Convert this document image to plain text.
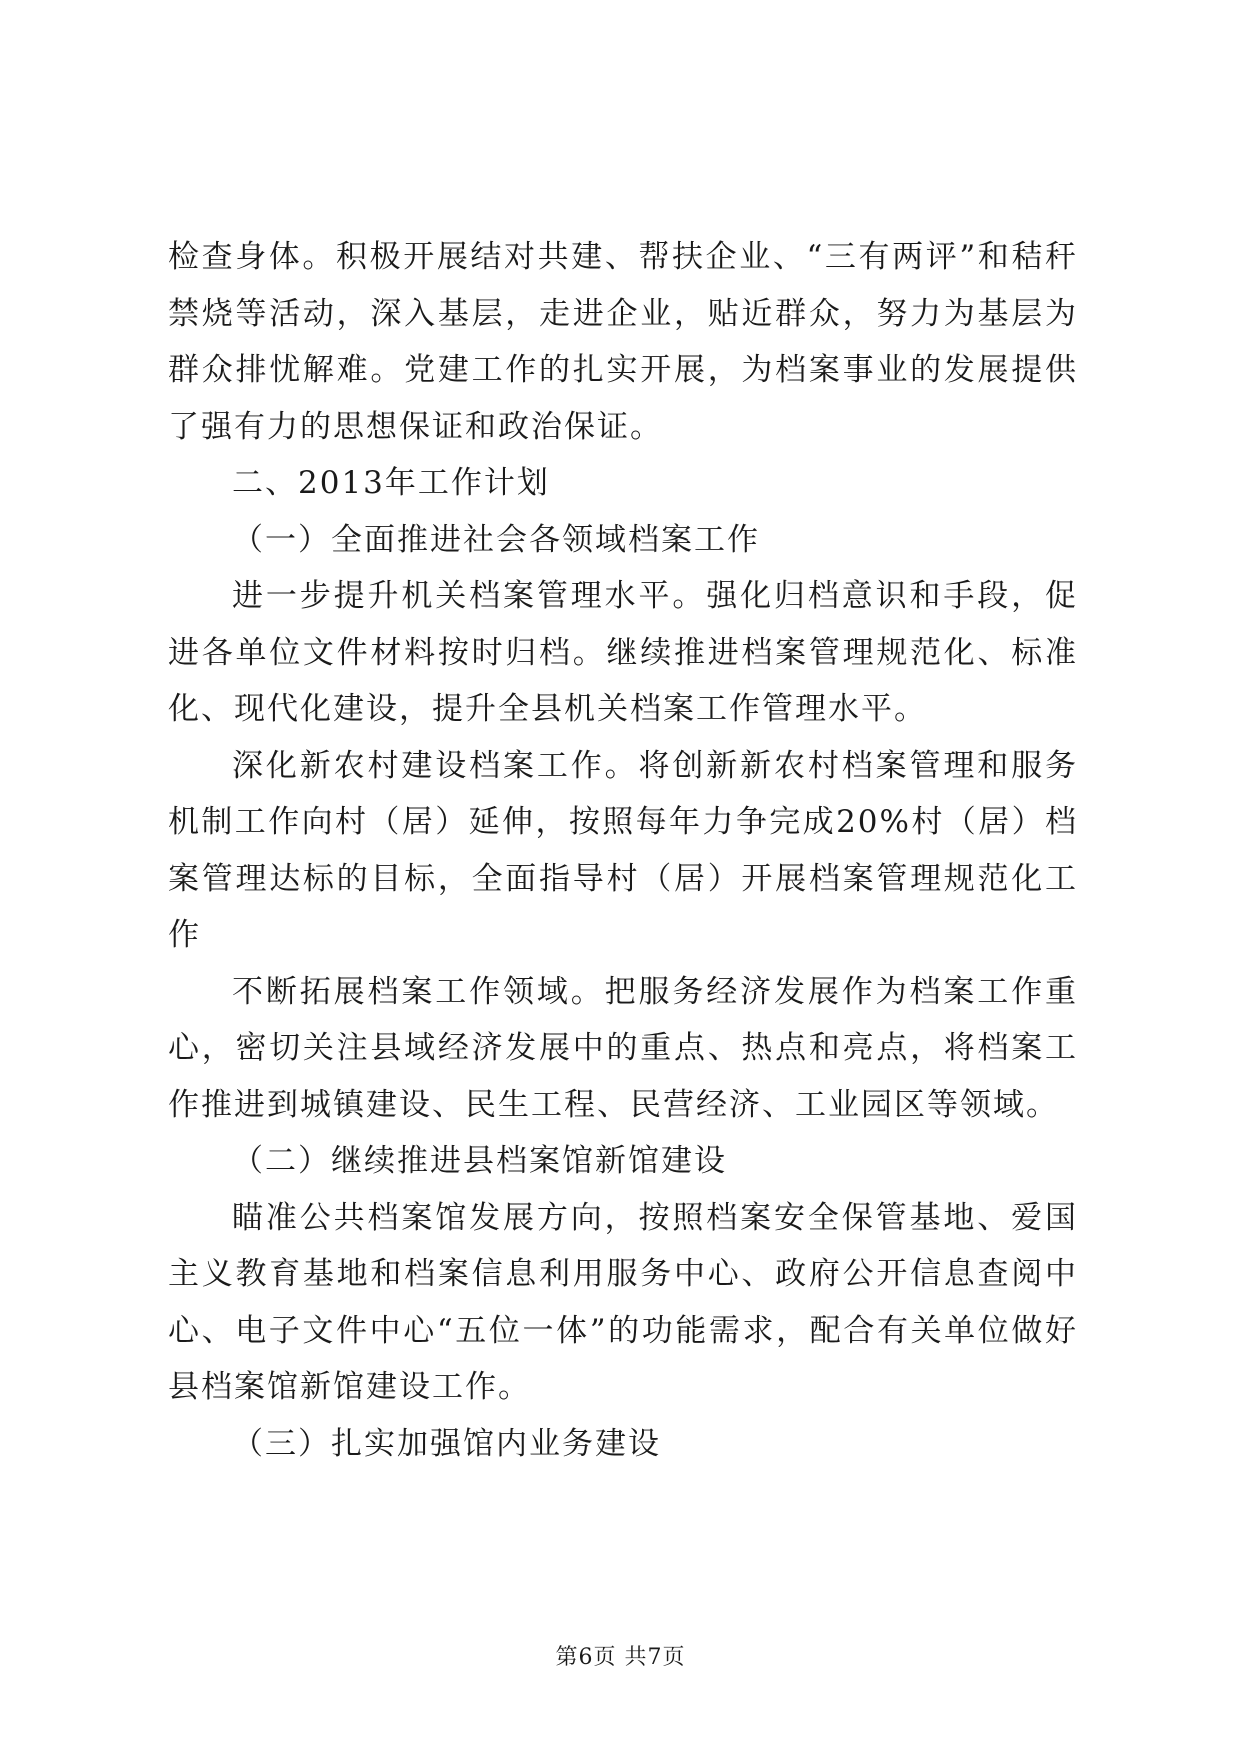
检查身体。积极开展结对共建、帮扶企业、“三有两评”和秸秆禁烧等活动，深入基层，走进企业，贴近群众，努力为基层为群众排忧解难。党建工作的扎实开展，为档案事业的发展提供了强有力的思想保证和政治保证。

二、2013年工作计划

（一）全面推进社会各领域档案工作

进一步提升机关档案管理水平。强化归档意识和手段，促进各单位文件材料按时归档。继续推进档案管理规范化、标准化、现代化建设，提升全县机关档案工作管理水平。

深化新农村建设档案工作。将创新新农村档案管理和服务机制工作向村（居）延伸，按照每年力争完成20%村（居）档案管理达标的目标，全面指导村（居）开展档案管理规范化工作

不断拓展档案工作领域。把服务经济发展作为档案工作重心，密切关注县域经济发展中的重点、热点和亮点，将档案工作推进到城镇建设、民生工程、民营经济、工业园区等领域。

（二）继续推进县档案馆新馆建设

瞄准公共档案馆发展方向，按照档案安全保管基地、爱国主义教育基地和档案信息利用服务中心、政府公开信息查阅中心、电子文件中心“五位一体”的功能需求，配合有关单位做好县档案馆新馆建设工作。

（三）扎实加强馆内业务建设

第6页 共7页
